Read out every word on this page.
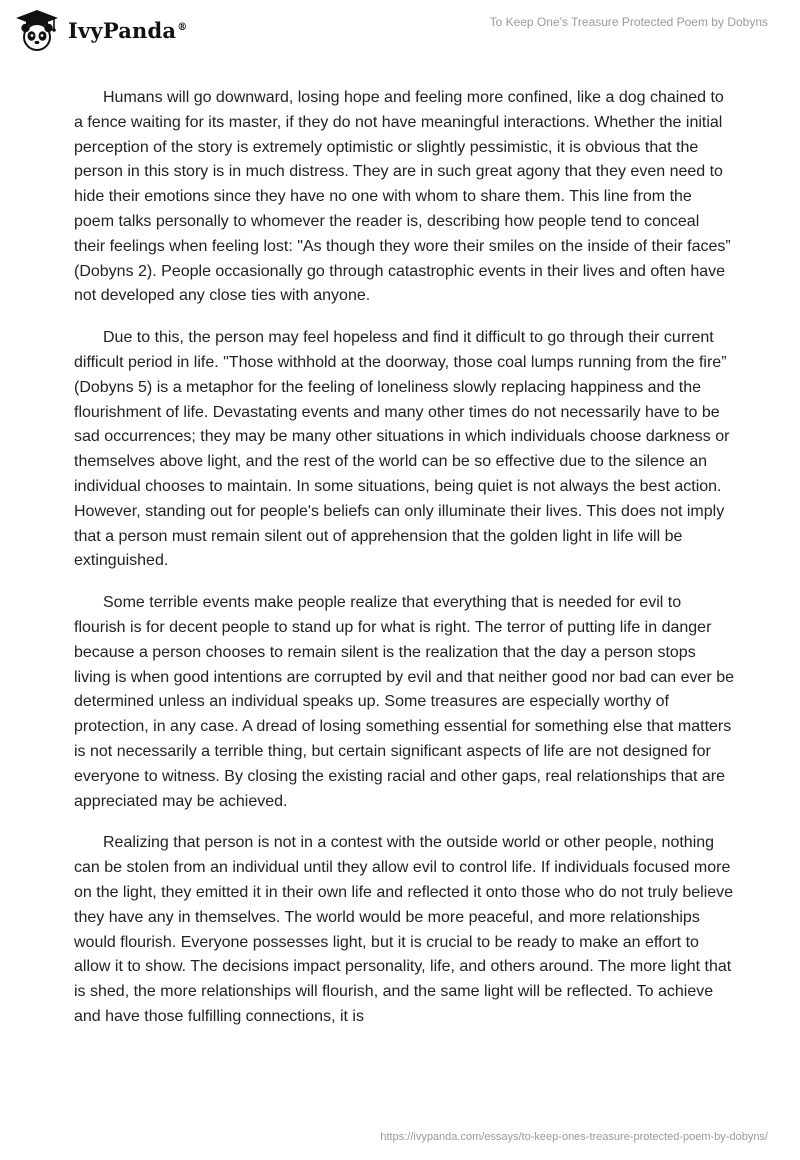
IvyPanda®	To Keep One's Treasure Protected Poem by Dobyns

Humans will go downward, losing hope and feeling more confined, like a dog chained to a fence waiting for its master, if they do not have meaningful interactions. Whether the initial perception of the story is extremely optimistic or slightly pessimistic, it is obvious that the person in this story is in much distress. They are in such great agony that they even need to hide their emotions since they have no one with whom to share them. This line from the poem talks personally to whomever the reader is, describing how people tend to conceal their feelings when feeling lost: "As though they wore their smiles on the inside of their faces” (Dobyns 2). People occasionally go through catastrophic events in their lives and often have not developed any close ties with anyone.

Due to this, the person may feel hopeless and find it difficult to go through their current difficult period in life. "Those withhold at the doorway, those coal lumps running from the fire” (Dobyns 5) is a metaphor for the feeling of loneliness slowly replacing happiness and the flourishment of life. Devastating events and many other times do not necessarily have to be sad occurrences; they may be many other situations in which individuals choose darkness or themselves above light, and the rest of the world can be so effective due to the silence an individual chooses to maintain. In some situations, being quiet is not always the best action. However, standing out for people's beliefs can only illuminate their lives. This does not imply that a person must remain silent out of apprehension that the golden light in life will be extinguished.

Some terrible events make people realize that everything that is needed for evil to flourish is for decent people to stand up for what is right. The terror of putting life in danger because a person chooses to remain silent is the realization that the day a person stops living is when good intentions are corrupted by evil and that neither good nor bad can ever be determined unless an individual speaks up. Some treasures are especially worthy of protection, in any case. A dread of losing something essential for something else that matters is not necessarily a terrible thing, but certain significant aspects of life are not designed for everyone to witness. By closing the existing racial and other gaps, real relationships that are appreciated may be achieved.

Realizing that person is not in a contest with the outside world or other people, nothing can be stolen from an individual until they allow evil to control life. If individuals focused more on the light, they emitted it in their own life and reflected it onto those who do not truly believe they have any in themselves. The world would be more peaceful, and more relationships would flourish. Everyone possesses light, but it is crucial to be ready to make an effort to allow it to show. The decisions impact personality, life, and others around. The more light that is shed, the more relationships will flourish, and the same light will be reflected. To achieve and have those fulfilling connections, it is

https://ivypanda.com/essays/to-keep-ones-treasure-protected-poem-by-dobyns/
